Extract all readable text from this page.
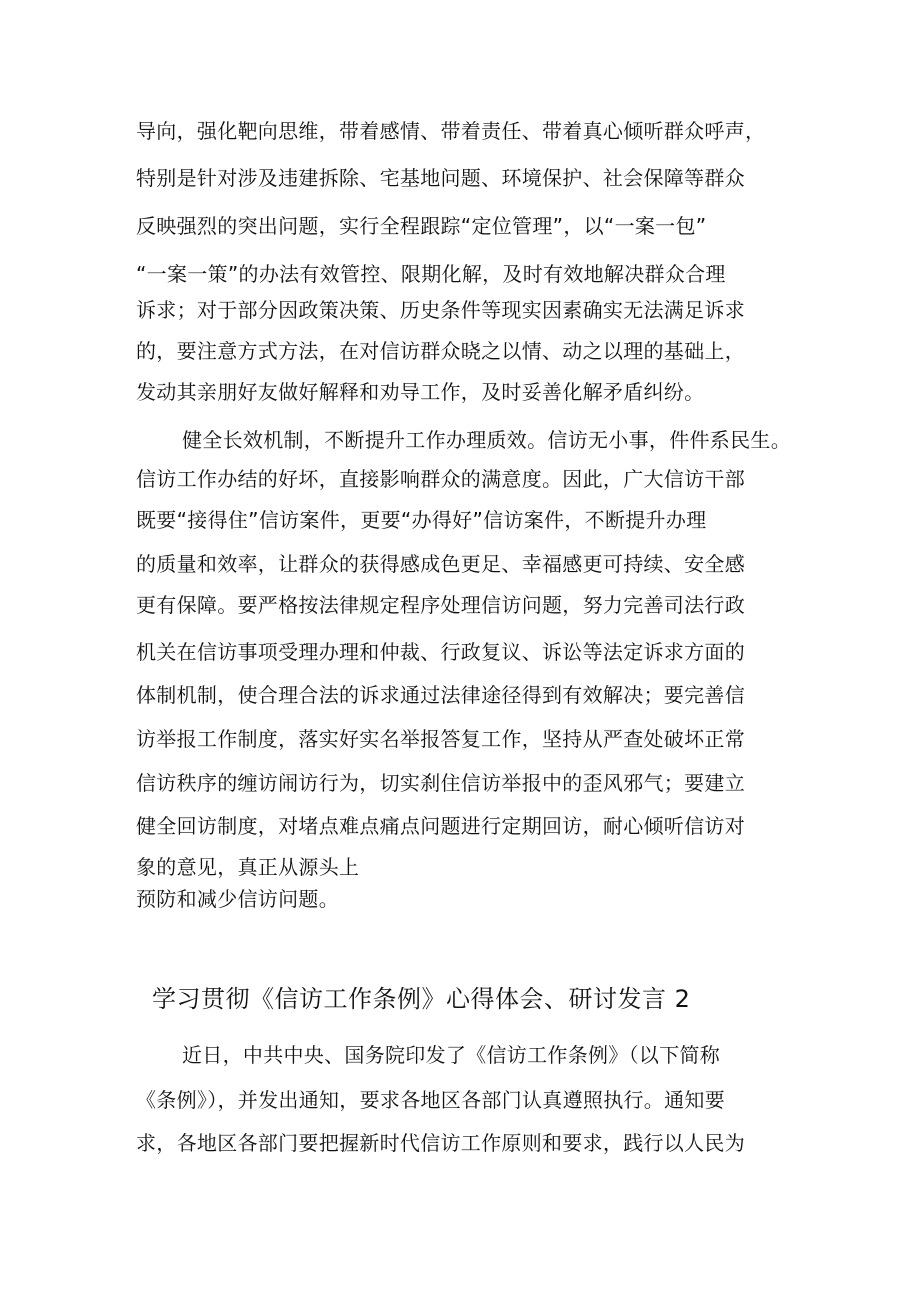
导向，强化靶向思维，带着感情、带着责任、带着真心倾听群众呼声，
特别是针对涉及违建拆除、宅基地问题、环境保护、社会保障等群众
反映强烈的突出问题，实行全程跟踪“定位管理”，以“一案一包”
“一案一策”的办法有效管控、限期化解，及时有效地解决群众合理
诉求；对于部分因政策决策、历史条件等现实因素确实无法满足诉求
的，要注意方式方法，在对信访群众晓之以情、动之以理的基础上，
发动其亲朋好友做好解释和劝导工作，及时妥善化解矛盾纠纷。
健全长效机制，不断提升工作办理质效。信访无小事，件件系民生。
信访工作办结的好坏，直接影响群众的满意度。因此，广大信访干部
既要“接得住”信访案件，更要“办得好”信访案件，不断提升办理
的质量和效率，让群众的获得感成色更足、幸福感更可持续、安全感
更有保障。要严格按法律规定程序处理信访问题，努力完善司法行政
机关在信访事项受理办理和仲裁、行政复议、诉讼等法定诉求方面的
体制机制，使合理合法的诉求通过法律途径得到有效解决；要完善信
访举报工作制度，落实好实名举报答复工作，坚持从严查处破坏正常
信访秩序的缠访闹访行为，切实刹住信访举报中的歪风邪气；要建立
健全回访制度，对堵点难点痛点问题进行定期回访，耐心倾听信访对
象的意见，真正从源头上
预防和减少信访问题。
学习贯彻《信访工作条例》心得体会、研讨发言 2
近日，中共中央、国务院印发了《信访工作条例》（以下简称
《条例》），并发出通知，要求各地区各部门认真遵照执行。通知要
求，各地区各部门要把握新时代信访工作原则和要求，践行以人民为
